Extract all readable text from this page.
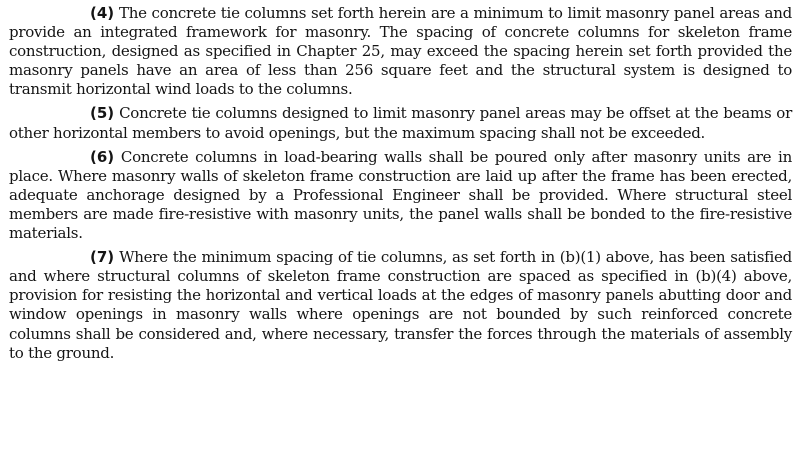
(4) The concrete tie columns set forth herein are a minimum to limit masonry panel areas and provide an integrated framework for masonry. The spacing of concrete columns for skeleton frame construction, designed as specified in Chapter 25, may exceed the spacing herein set forth provided the masonry panels have an area of less than 256 square feet and the structural system is designed to transmit horizontal wind loads to the columns.

(5) Concrete tie columns designed to limit masonry panel areas may be offset at the beams or other horizontal members to avoid openings, but the maximum spacing shall not be exceeded.

(6) Concrete columns in load-bearing walls shall be poured only after masonry units are in place. Where masonry walls of skeleton frame construction are laid up after the frame has been erected, adequate anchorage designed by a Professional Engineer shall be provided. Where structural steel members are made fire-resistive with masonry units, the panel walls shall be bonded to the fire-resistive materials.

(7) Where the minimum spacing of tie columns, as set forth in (b)(1) above, has been satisfied and where structural columns of skeleton frame construction are spaced as specified in (b)(4) above, provision for resisting the horizontal and vertical loads at the edges of masonry panels abutting door and window openings in masonry walls where openings are not bounded by such reinforced concrete columns shall be considered and, where necessary, transfer the forces through the materials of assembly to the ground.
